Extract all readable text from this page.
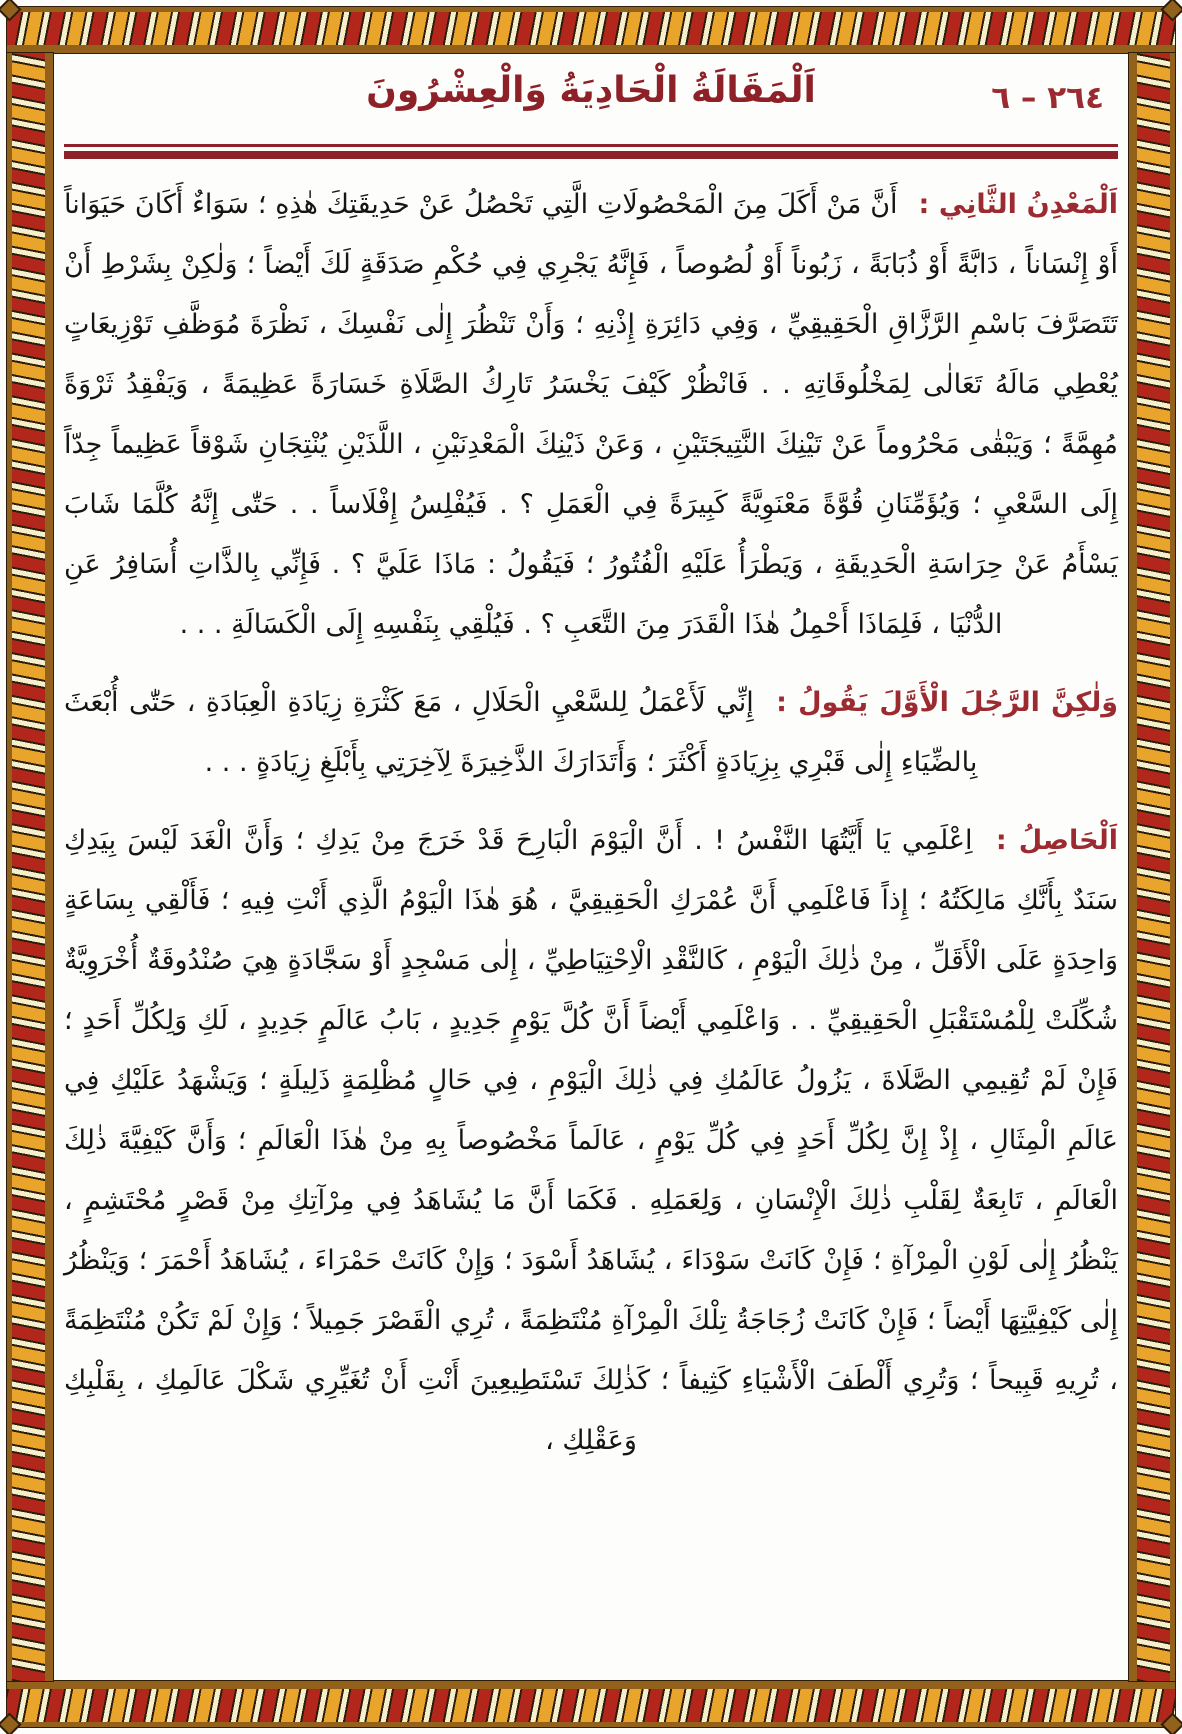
٢٦٤ – ٦
اَلْمَقَالَةُ الْحَادِيَةُ وَالْعِشْرُونَ

اَلْمَعْدِنُ الثَّانِي : أَنَّ مَنْ أَكَلَ مِنَ الْمَحْصُولَاتِ الَّتِي تَحْصُلُ عَنْ حَدِيقَتِكَ هٰذِهِ ؛ سَوَاءٌ أَكَانَ حَيَوَاناً أَوْ إِنْسَاناً ، دَابَّةً أَوْ ذُبَابَةً ، زَبُوناً أَوْ لُصُوصاً ، فَإِنَّهُ يَجْرِي فِي حُكْمِ صَدَقَةٍ لَكَ أَيْضاً ؛ وَلٰكِنْ بِشَرْطِ أَنْ تَتَصَرَّفَ بَاسْمِ الرَّزَّاقِ الْحَقِيقِيِّ ، وَفِي دَائِرَةِ إِذْنِهِ ؛ وَأَنْ تَنْظُرَ إِلٰى نَفْسِكَ ، نَظْرَةَ مُوَظَّفِ تَوْزِيعَاتٍ يُعْطِي مَالَهُ تَعَالٰى لِمَخْلُوقَاتِهِ . . فَانْظُرْ كَيْفَ يَخْسَرُ تَارِكُ الصَّلَاةِ خَسَارَةً عَظِيمَةً ، وَيَفْقِدُ ثَرْوَةً مُهِمَّةً ؛ وَيَبْقٰى مَحْرُوماً عَنْ تَيْنِكَ النَّتِيجَتَيْنِ ، وَعَنْ ذَيْنِكَ الْمَعْدِنَيْنِ ، اللَّذَيْنِ يُنْتِجَانِ شَوْقاً عَظِيماً جِدّاً إِلَى السَّعْيِ ؛ وَيُؤَمِّنَانِ قُوَّةً مَعْنَوِيَّةً كَبِيرَةً فِي الْعَمَلِ ؟ . فَيُفْلِسُ إِفْلَاساً . . حَتّٰى إِنَّهُ كُلَّمَا شَابَ يَسْأَمُ عَنْ حِرَاسَةِ الْحَدِيقَةِ ، وَيَطْرَأُ عَلَيْهِ الْفُتُورُ ؛ فَيَقُولُ : مَاذَا عَلَيَّ ؟ . فَإِنِّي بِالذَّاتِ أُسَافِرُ عَنِ الدُّنْيَا ، فَلِمَاذَا أَحْمِلُ هٰذَا الْقَدَرَ مِنَ التَّعَبِ ؟ . فَيُلْقِي بِنَفْسِهِ إِلَى الْكَسَالَةِ . . .

وَلٰكِنَّ الرَّجُلَ الْأَوَّلَ يَقُولُ : إِنِّي لَأَعْمَلُ لِلسَّعْيِ الْحَلَالِ ، مَعَ كَثْرَةِ زِيَادَةِ الْعِبَادَةِ ، حَتّٰى أُبْعَثَ بِالضِّيَاءِ إِلٰى قَبْرِي بِزِيَادَةٍ أَكْثَرَ ؛ وَأَتَدَارَكَ الذَّخِيرَةَ لِآخِرَتِي بِأَبْلَغِ زِيَادَةٍ . . .

اَلْحَاصِلُ : اِعْلَمِي يَا أَيَّتُهَا النَّفْسُ ! . أَنَّ الْيَوْمَ الْبَارِحَ قَدْ خَرَجَ مِنْ يَدِكِ ؛ وَأَنَّ الْغَدَ لَيْسَ بِيَدِكِ سَنَدٌ بِأَنَّكِ مَالِكَتُهُ ؛ إِذاً فَاعْلَمِي أَنَّ عُمْرَكِ الْحَقِيقِيَّ ، هُوَ هٰذَا الْيَوْمُ الَّذِي أَنْتِ فِيهِ ؛ فَأَلْقِي بِسَاعَةٍ وَاحِدَةٍ عَلَى الْأَقَلِّ ، مِنْ ذٰلِكَ الْيَوْمِ ، كَالنَّقْدِ الْاِحْتِيَاطِيِّ ، إِلٰى مَسْجِدٍ أَوْ سَجَّادَةٍ هِيَ صُنْدُوقَةٌ أُخْرَوِيَّةٌ شُكِّلَتْ لِلْمُسْتَقْبَلِ الْحَقِيقِيِّ . . وَاعْلَمِي أَيْضاً أَنَّ كُلَّ يَوْمٍ جَدِيدٍ ، بَابُ عَالَمٍ جَدِيدٍ ، لَكِ وَلِكُلِّ أَحَدٍ ؛ فَإِنْ لَمْ تُقِيمِي الصَّلَاةَ ، يَزُولُ عَالَمُكِ فِي ذٰلِكَ الْيَوْمِ ، فِي حَالٍ مُظْلِمَةٍ ذَلِيلَةٍ ؛ وَيَشْهَدُ عَلَيْكِ فِي عَالَمِ الْمِثَالِ ، إِذْ إِنَّ لِكُلِّ أَحَدٍ فِي كُلِّ يَوْمٍ ، عَالَماً مَخْصُوصاً بِهِ مِنْ هٰذَا الْعَالَمِ ؛ وَأَنَّ كَيْفِيَّةَ ذٰلِكَ الْعَالَمِ ، تَابِعَةٌ لِقَلْبِ ذٰلِكَ الْإِنْسَانِ ، وَلِعَمَلِهِ . فَكَمَا أَنَّ مَا يُشَاهَدُ فِي مِرْآتِكِ مِنْ قَصْرٍ مُحْتَشِمٍ ، يَنْظُرُ إِلٰى لَوْنِ الْمِرْآةِ ؛ فَإِنْ كَانَتْ سَوْدَاءَ ، يُشَاهَدُ أَسْوَدَ ؛ وَإِنْ كَانَتْ حَمْرَاءَ ، يُشَاهَدُ أَحْمَرَ ؛ وَيَنْظُرُ إِلٰى كَيْفِيَّتِهَا أَيْضاً ؛ فَإِنْ كَانَتْ زُجَاجَةُ تِلْكَ الْمِرْآةِ مُنْتَظِمَةً ، تُرِي الْقَصْرَ جَمِيلاً ؛ وَإِنْ لَمْ تَكُنْ مُنْتَظِمَةً ، تُرِيهِ قَبِيحاً ؛ وَتُرِي أَلْطَفَ الْأَشْيَاءِ كَثِيفاً ؛ كَذٰلِكَ تَسْتَطِيعِينَ أَنْتِ أَنْ تُغَيِّرِي شَكْلَ عَالَمِكِ ، بِقَلْبِكِ وَعَقْلِكِ ،
